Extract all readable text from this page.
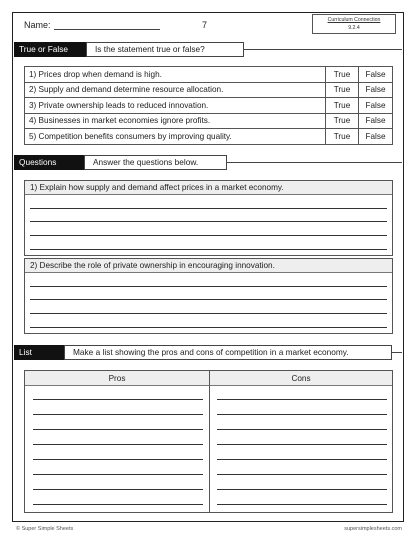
Name:	7	Curriculum Connection
9.2.4
True or False	Is the statement true or false?
1) Prices drop when demand is high.	True	False
2) Supply and demand determine resource allocation.	True	False
3) Private ownership leads to reduced innovation.	True	False
4) Businesses in market economies ignore profits.	True	False
5) Competition benefits consumers by improving quality.	True	False
Questions	Answer the questions below.
1) Explain how supply and demand affect prices in a market economy.
2) Describe the role of private ownership in encouraging innovation.
List	Make a list showing the pros and cons of competition in a market economy.
Pros	Cons
© Super Simple Sheets	supersimplesheets.com
